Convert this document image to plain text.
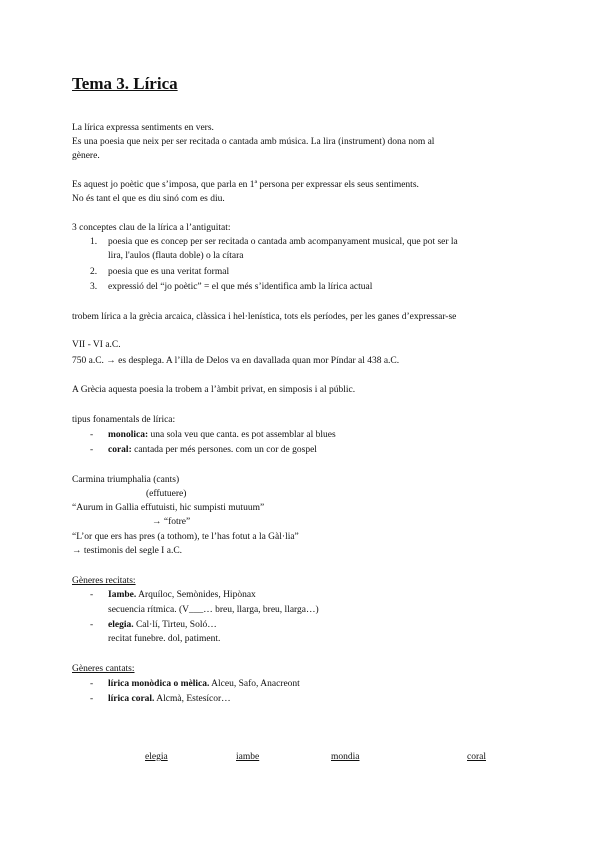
Tema 3. Lírica
La lírica expressa sentiments en vers.
Es una poesia que neix per ser recitada o cantada amb música. La lira (instrument) dona nom al
gènere.
Es aquest jo poètic que s’imposa, que parla en 1ª persona per expressar els seus sentiments.
No és tant el que es diu sinó com es diu.
3 conceptes clau de la lírica a l’antiguitat:
1. poesia que es concep per ser recitada o cantada amb acompanyament musical, que pot ser la
lira, l'aulos (flauta doble) o la cítara
2. poesia que es una veritat formal
3. expressió del “jo poètic” = el que més s’identifica amb la lírica actual
trobem lírica a la grècia arcaica, clàssica i hel·lenística, tots els períodes, per les ganes d’expressar-se
VII - VI a.C.
750 a.C. → es desplega. A l’illa de Delos va en davallada quan mor Píndar al 438 a.C.
A Grècia aquesta poesia la trobem a l’àmbit privat, en simposis i al públic.
tipus fonamentals de lírica:
- monolica: una sola veu que canta. es pot assemblar al blues
- coral: cantada per més persones. com un cor de gospel
Carmina triumphalia (cants)
(effutuere)
“Aurum in Gallia effutuisti, hic sumpisti mutuum”
→ “fotre”
“L’or que ers has pres (a tothom), te l’has fotut a la Gàl·lia”
→ testimonis del segle I a.C.
Gèneres recitats:
- Iambe. Arquíloc, Semònides, Hipònax
secuencia rítmica. (V___… breu, llarga, breu, llarga…)
- elegia. Cal·lí, Tirteu, Soló…
recitat funebre. dol, patiment.
Gèneres cantats:
- lírica monòdica o mèlica. Alceu, Safo, Anacreont
- lírica coral. Alcmà, Estesícor…
elegia	iambe	mondia	coral
